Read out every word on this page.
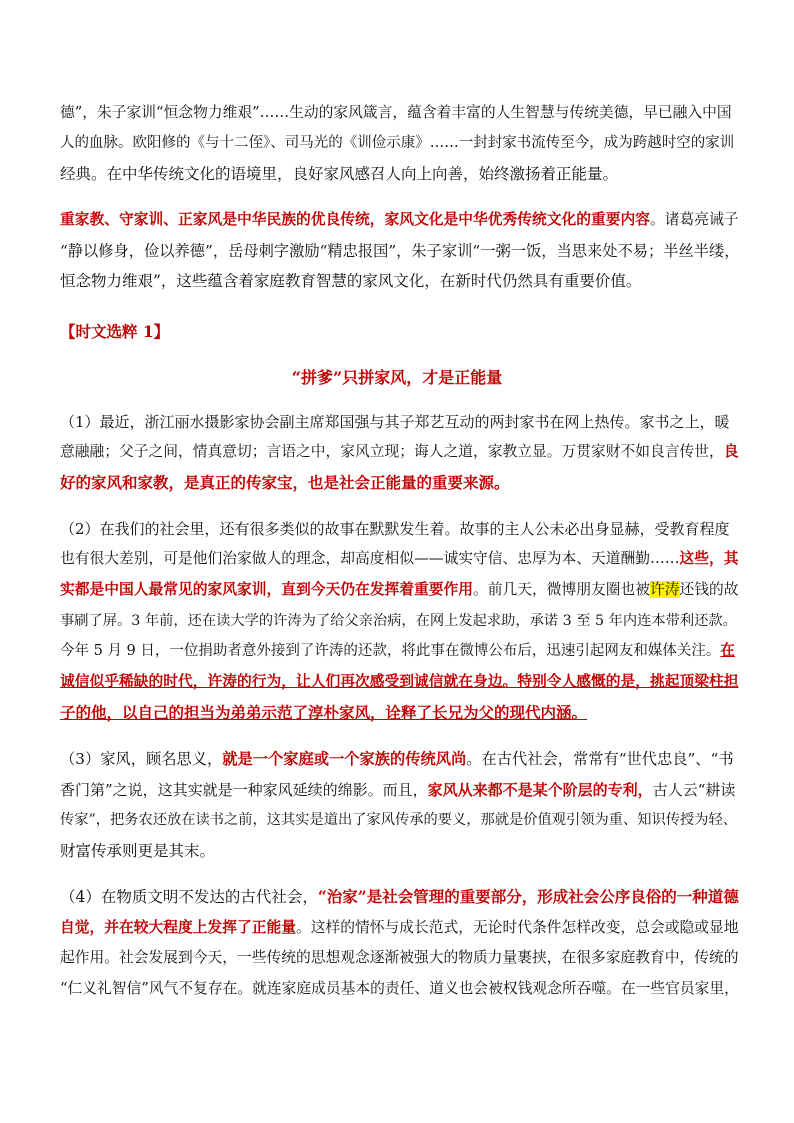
德”，朱子家训“恒念物力维艰”……生动的家风箴言，蕴含着丰富的人生智慧与传统美德，早已融入中国
人的血脉。欧阳修的《与十二侄》、司马光的《训俭示康》……一封封家书流传至今，成为跨越时空的家训
经典。在中华传统文化的语境里，良好家风感召人向上向善，始终激扬着正能量。
重家教、守家训、正家风是中华民族的优良传统，家风文化是中华优秀传统文化的重要内容。诸葛亮诫子
“静以修身，俭以养德”，岳母刺字激励“精忠报国”，朱子家训“一粥一饭，当思来处不易；半丝半缕，
恒念物力维艰”，这些蕴含着家庭教育智慧的家风文化，在新时代仍然具有重要价值。
【时文选粹 1】
“拼爹”只拼家风，才是正能量
（1）最近，浙江丽水摄影家协会副主席郑国强与其子郑艺互动的两封家书在网上热传。家书之上，暖
意融融；父子之间，情真意切；言语之中，家风立现；诲人之道，家教立显。万贯家财不如良言传世，良
好的家风和家教，是真正的传家宝，也是社会正能量的重要来源。
（2）在我们的社会里，还有很多类似的故事在默默发生着。故事的主人公未必出身显赫，受教育程度
也有很大差别，可是他们治家做人的理念，却高度相似——诚实守信、忠厚为本、天道酬勤……这些，其
实都是中国人最常见的家风家训，直到今天仍在发挥着重要作用。前几天，微博朋友圈也被许涛还钱的故
事刷了屏。3 年前，还在读大学的许涛为了给父亲治病，在网上发起求助，承诺 3 至 5 年内连本带利还款。
今年 5 月 9 日，一位捐助者意外接到了许涛的还款，将此事在微博公布后，迅速引起网友和媒体关注。在
诚信似乎稀缺的时代，许涛的行为，让人们再次感受到诚信就在身边。特别令人感慨的是，挑起顶梁柱担
子的他，以自己的担当为弟弟示范了淳朴家风，诠释了长兄为父的现代内涵。
（3）家风，顾名思义，就是一个家庭或一个家族的传统风尚。在古代社会，常常有“世代忠良”、“书
香门第”之说，这其实就是一种家风延续的绵影。而且，家风从来都不是某个阶层的专利，古人云“耕读
传家”，把务农还放在读书之前，这其实是道出了家风传承的要义，那就是价值观引领为重、知识传授为轻、
财富传承则更是其末。
（4）在物质文明不发达的古代社会，“治家”是社会管理的重要部分，形成社会公序良俗的一种道德
自觉，并在较大程度上发挥了正能量。这样的情怀与成长范式，无论时代条件怎样改变，总会或隐或显地
起作用。社会发展到今天，一些传统的思想观念逐渐被强大的物质力量裹挟，在很多家庭教育中，传统的
“仁义礼智信”风气不复存在。就连家庭成员基本的责任、道义也会被权钱观念所吞噬。在一些官员家里，
